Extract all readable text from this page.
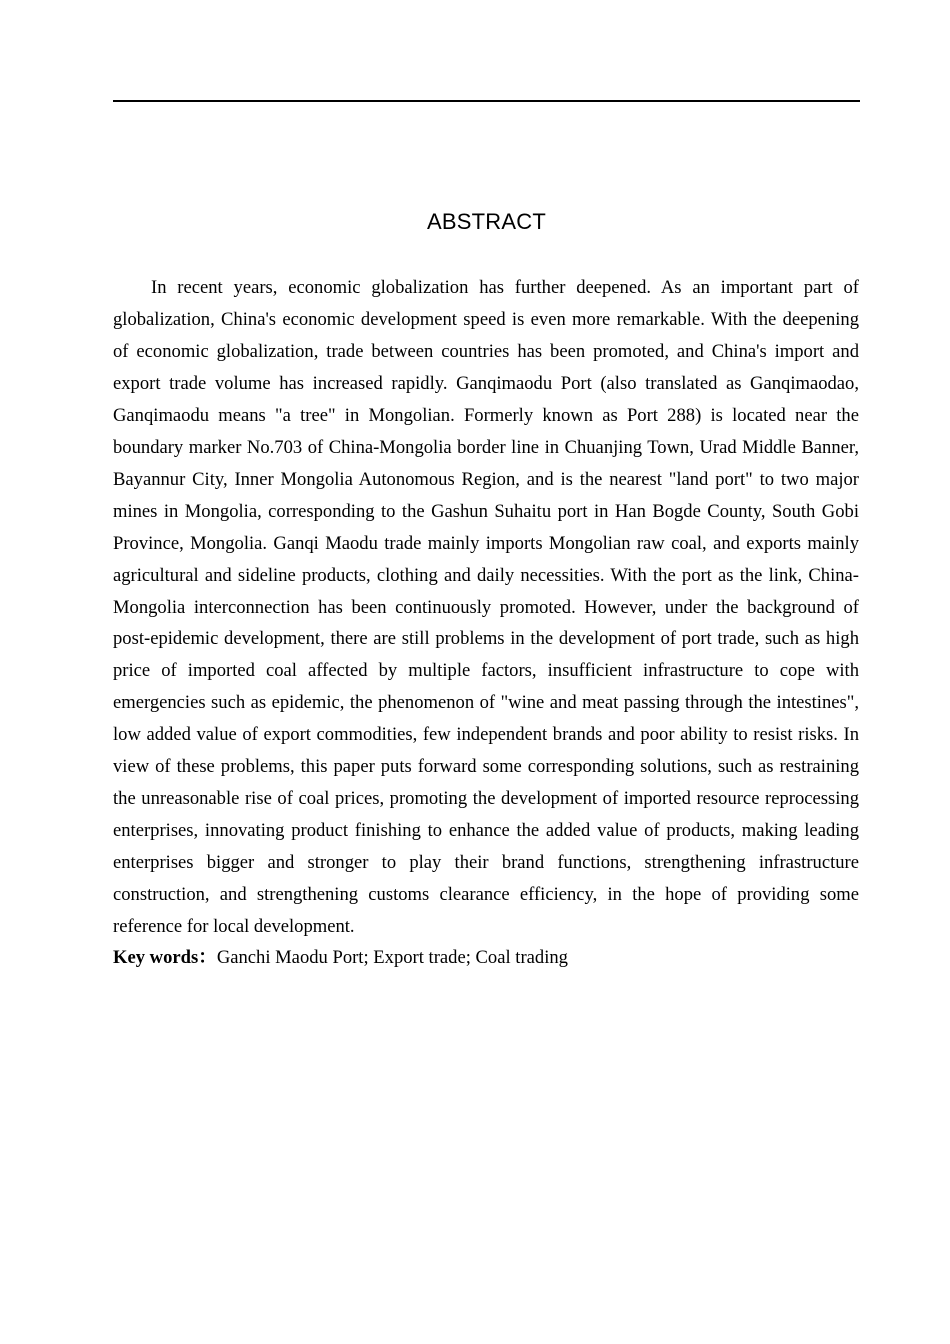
ABSTRACT

In recent years, economic globalization has further deepened. As an important part of globalization, China's economic development speed is even more remarkable. With the deepening of economic globalization, trade between countries has been promoted, and China's import and export trade volume has increased rapidly. Ganqimaodu Port (also translated as Ganqimaodao, Ganqimaodu means "a tree" in Mongolian. Formerly known as Port 288) is located near the boundary marker No.703 of China-Mongolia border line in Chuanjing Town, Urad Middle Banner, Bayannur City, Inner Mongolia Autonomous Region, and is the nearest "land port" to two major mines in Mongolia, corresponding to the Gashun Suhaitu port in Han Bogde County, South Gobi Province, Mongolia. Ganqi Maodu trade mainly imports Mongolian raw coal, and exports mainly agricultural and sideline products, clothing and daily necessities. With the port as the link, China-Mongolia interconnection has been continuously promoted. However, under the background of post-epidemic development, there are still problems in the development of port trade, such as high price of imported coal affected by multiple factors, insufficient infrastructure to cope with emergencies such as epidemic, the phenomenon of "wine and meat passing through the intestines", low added value of export commodities, few independent brands and poor ability to resist risks. In view of these problems, this paper puts forward some corresponding solutions, such as restraining the unreasonable rise of coal prices, promoting the development of imported resource reprocessing enterprises, innovating product finishing to enhance the added value of products, making leading enterprises bigger and stronger to play their brand functions, strengthening infrastructure construction, and strengthening customs clearance efficiency, in the hope of providing some reference for local development.

Key words：Ganchi Maodu Port; Export trade; Coal trading
